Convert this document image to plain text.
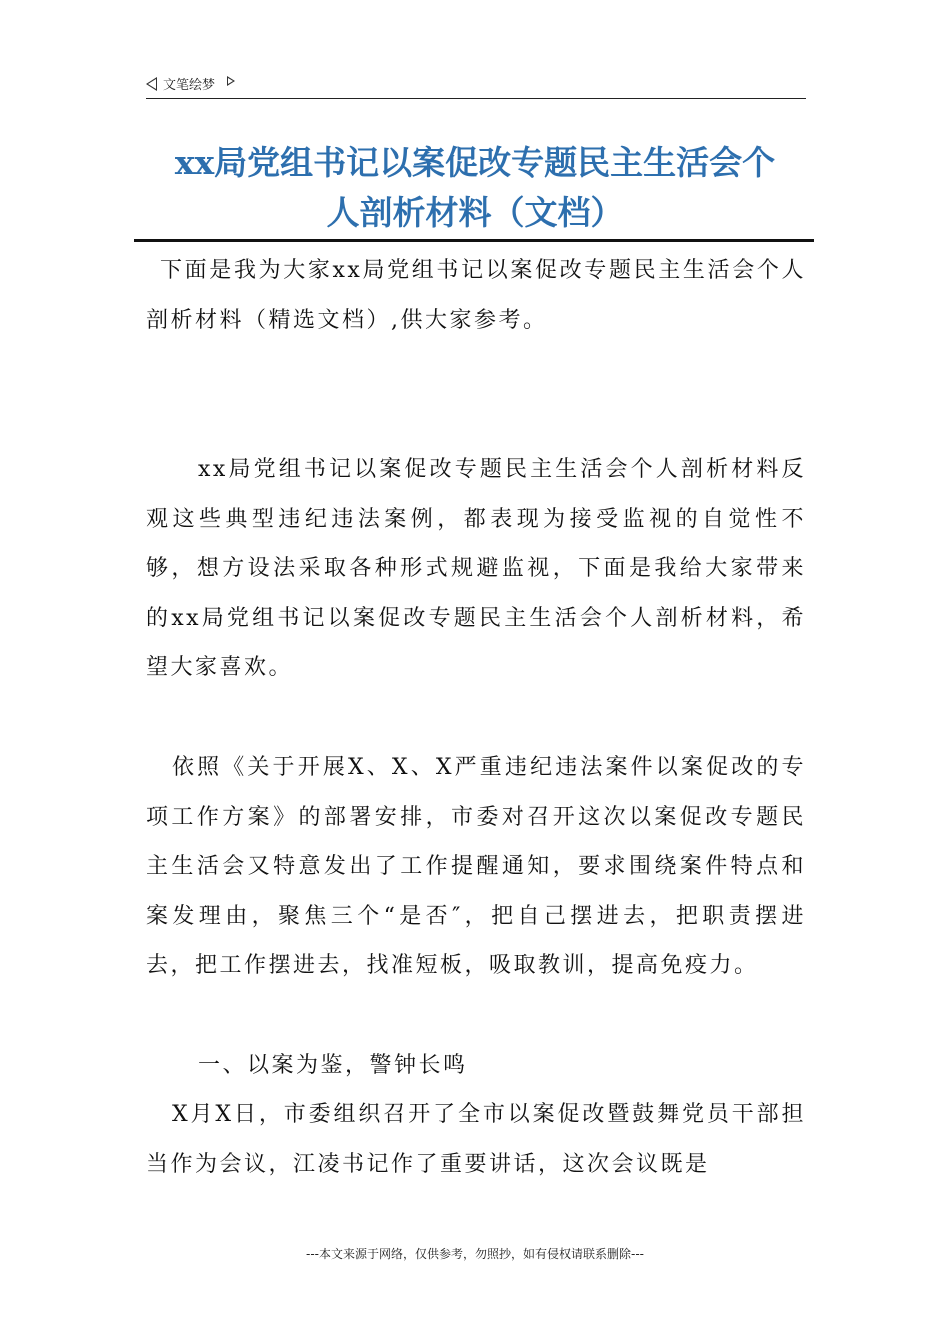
文笔绘梦
xx局党组书记以案促改专题民主生活会个
人剖析材料（文档）

下面是我为大家xx局党组书记以案促改专题民主生活会个人剖析材料（精选文档）,供大家参考。

xx局党组书记以案促改专题民主生活会个人剖析材料反观这些典型违纪违法案例，都表现为接受监视的自觉性不够，想方设法采取各种形式规避监视，下面是我给大家带来的xx局党组书记以案促改专题民主生活会个人剖析材料，希望大家喜欢。

依照《关于开展X、X、X严重违纪违法案件以案促改的专项工作方案》的部署安排，市委对召开这次以案促改专题民主生活会又特意发出了工作提醒通知，要求围绕案件特点和案发理由，聚焦三个“是否″，把自己摆进去，把职责摆进去，把工作摆进去，找准短板，吸取教训，提高免疫力。

一、以案为鉴，警钟长鸣

X月X日，市委组织召开了全市以案促改暨鼓舞党员干部担当作为会议，江凌书记作了重要讲话，这次会议既是

---本文来源于网络，仅供参考，勿照抄，如有侵权请联系删除---
